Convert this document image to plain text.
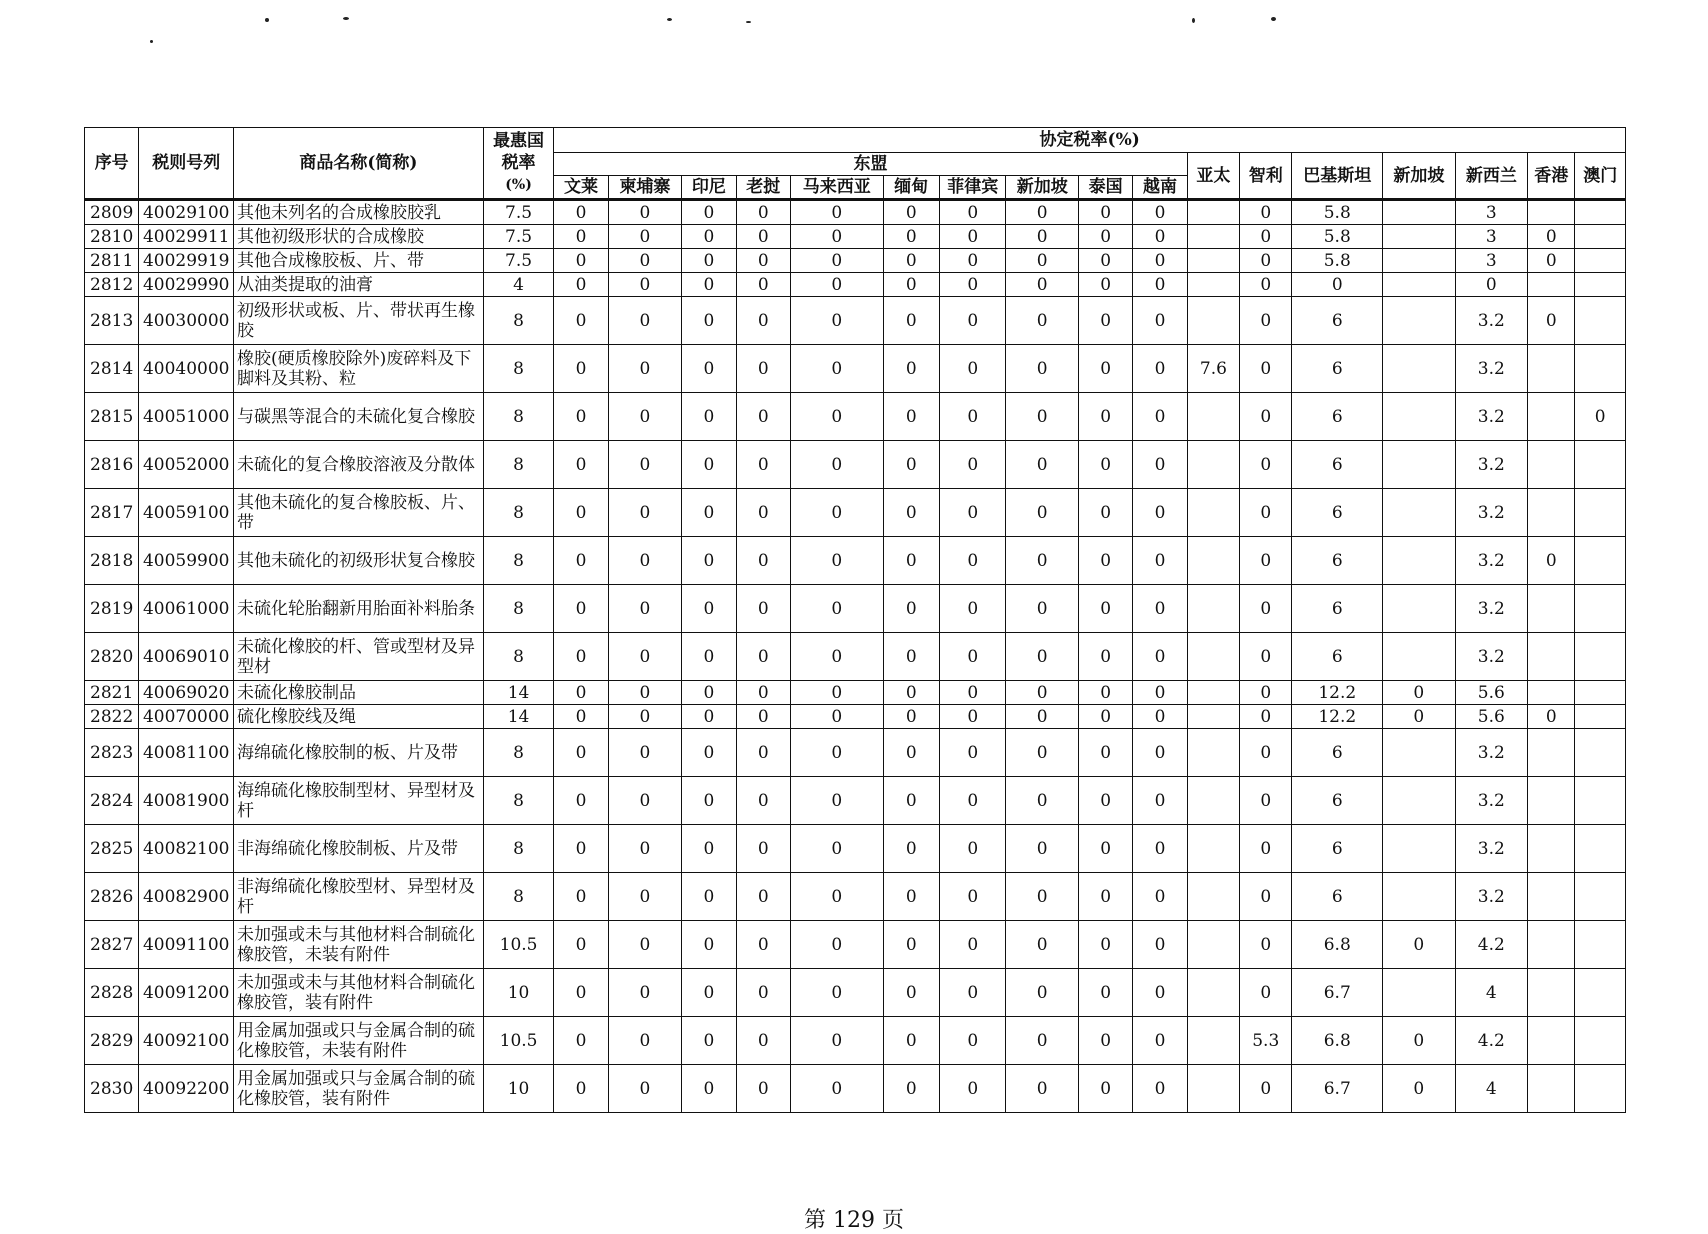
序号	税则号列	商品名称(简称)	最惠国
税率
(%)	协定税率(%)																
				东盟										亚太	智利	巴基斯坦	新加坡	新西兰	香港	澳门
				文莱	柬埔寨	印尼	老挝	马来西亚	缅甸	菲律宾	新加坡	泰国	越南							
2809	40029100	其他未列名的合成橡胶胶乳	7.5	0	0	0	0	0	0	0	0	0	0		0	5.8		3		
2810	40029911	其他初级形状的合成橡胶	7.5	0	0	0	0	0	0	0	0	0	0		0	5.8		3	0	
2811	40029919	其他合成橡胶板、片、带	7.5	0	0	0	0	0	0	0	0	0	0		0	5.8		3	0	
2812	40029990	从油类提取的油膏	4	0	0	0	0	0	0	0	0	0	0		0	0		0		
2813	40030000	初级形状或板、片、带状再生橡胶	8	0	0	0	0	0	0	0	0	0	0		0	6		3.2	0	
2814	40040000	橡胶(硬质橡胶除外)废碎料及下脚料及其粉、粒	8	0	0	0	0	0	0	0	0	0	0	7.6	0	6		3.2		
2815	40051000	与碳黑等混合的未硫化复合橡胶	8	0	0	0	0	0	0	0	0	0	0		0	6		3.2		0
2816	40052000	未硫化的复合橡胶溶液及分散体	8	0	0	0	0	0	0	0	0	0	0		0	6		3.2		
2817	40059100	其他未硫化的复合橡胶板、片、带	8	0	0	0	0	0	0	0	0	0	0		0	6		3.2		
2818	40059900	其他未硫化的初级形状复合橡胶	8	0	0	0	0	0	0	0	0	0	0		0	6		3.2	0	
2819	40061000	未硫化轮胎翻新用胎面补料胎条	8	0	0	0	0	0	0	0	0	0	0		0	6		3.2		
2820	40069010	未硫化橡胶的杆、管或型材及异型材	8	0	0	0	0	0	0	0	0	0	0		0	6		3.2		
2821	40069020	未硫化橡胶制品	14	0	0	0	0	0	0	0	0	0	0		0	12.2	0	5.6		
2822	40070000	硫化橡胶线及绳	14	0	0	0	0	0	0	0	0	0	0		0	12.2	0	5.6	0	
2823	40081100	海绵硫化橡胶制的板、片及带	8	0	0	0	0	0	0	0	0	0	0		0	6		3.2		
2824	40081900	海绵硫化橡胶制型材、异型材及杆	8	0	0	0	0	0	0	0	0	0	0		0	6		3.2		
2825	40082100	非海绵硫化橡胶制板、片及带	8	0	0	0	0	0	0	0	0	0	0		0	6		3.2		
2826	40082900	非海绵硫化橡胶型材、异型材及杆	8	0	0	0	0	0	0	0	0	0	0		0	6		3.2		
2827	40091100	未加强或未与其他材料合制硫化橡胶管，未装有附件	10.5	0	0	0	0	0	0	0	0	0	0		0	6.8	0	4.2		
2828	40091200	未加强或未与其他材料合制硫化橡胶管，装有附件	10	0	0	0	0	0	0	0	0	0	0		0	6.7		4		
2829	40092100	用金属加强或只与金属合制的硫化橡胶管，未装有附件	10.5	0	0	0	0	0	0	0	0	0	0		5.3	6.8	0	4.2		
2830	40092200	用金属加强或只与金属合制的硫化橡胶管，装有附件	10	0	0	0	0	0	0	0	0	0	0		0	6.7	0	4		
第 129 页
